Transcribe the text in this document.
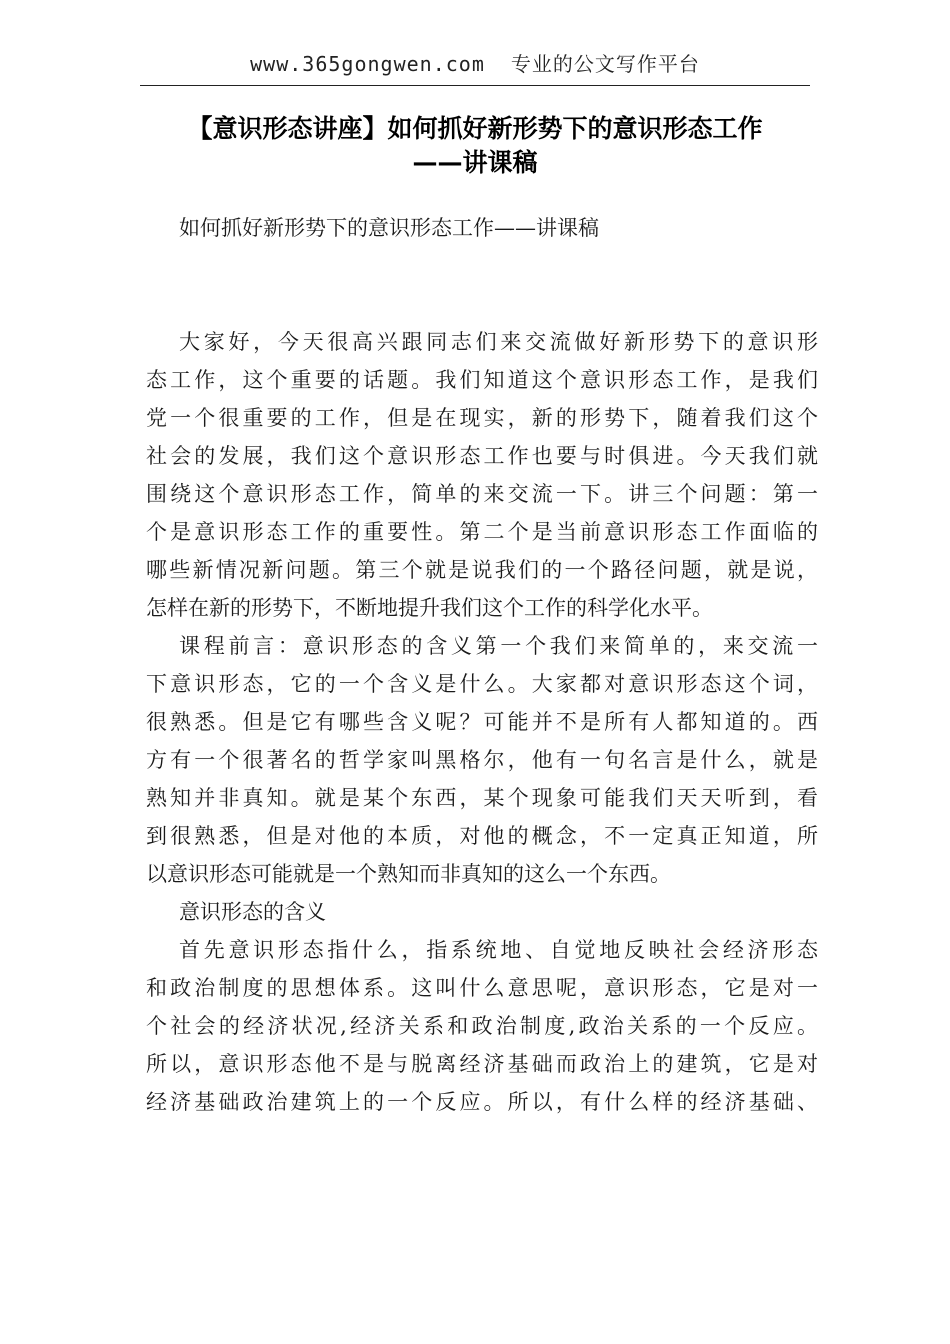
www.365gongwen.com 专业的公文写作平台
【意识形态讲座】如何抓好新形势下的意识形态工作
——讲课稿
如何抓好新形势下的意识形态工作——讲课稿
大家好，今天很高兴跟同志们来交流做好新形势下的意识形
态工作，这个重要的话题。我们知道这个意识形态工作，是我们
党一个很重要的工作，但是在现实，新的形势下，随着我们这个
社会的发展，我们这个意识形态工作也要与时俱进。今天我们就
围绕这个意识形态工作，简单的来交流一下。讲三个问题：第一
个是意识形态工作的重要性。第二个是当前意识形态工作面临的
哪些新情况新问题。第三个就是说我们的一个路径问题，就是说，
怎样在新的形势下，不断地提升我们这个工作的科学化水平。
课程前言：意识形态的含义第一个我们来简单的，来交流一
下意识形态，它的一个含义是什么。大家都对意识形态这个词，
很熟悉。但是它有哪些含义呢？可能并不是所有人都知道的。西
方有一个很著名的哲学家叫黑格尔，他有一句名言是什么，就是
熟知并非真知。就是某个东西，某个现象可能我们天天听到，看
到很熟悉，但是对他的本质，对他的概念，不一定真正知道，所
以意识形态可能就是一个熟知而非真知的这么一个东西。
意识形态的含义
首先意识形态指什么，指系统地、自觉地反映社会经济形态
和政治制度的思想体系。这叫什么意思呢，意识形态，它是对一
个社会的经济状况,经济关系和政治制度,政治关系的一个反应。
所以，意识形态他不是与脱离经济基础而政治上的建筑，它是对
经济基础政治建筑上的一个反应。所以，有什么样的经济基础、
